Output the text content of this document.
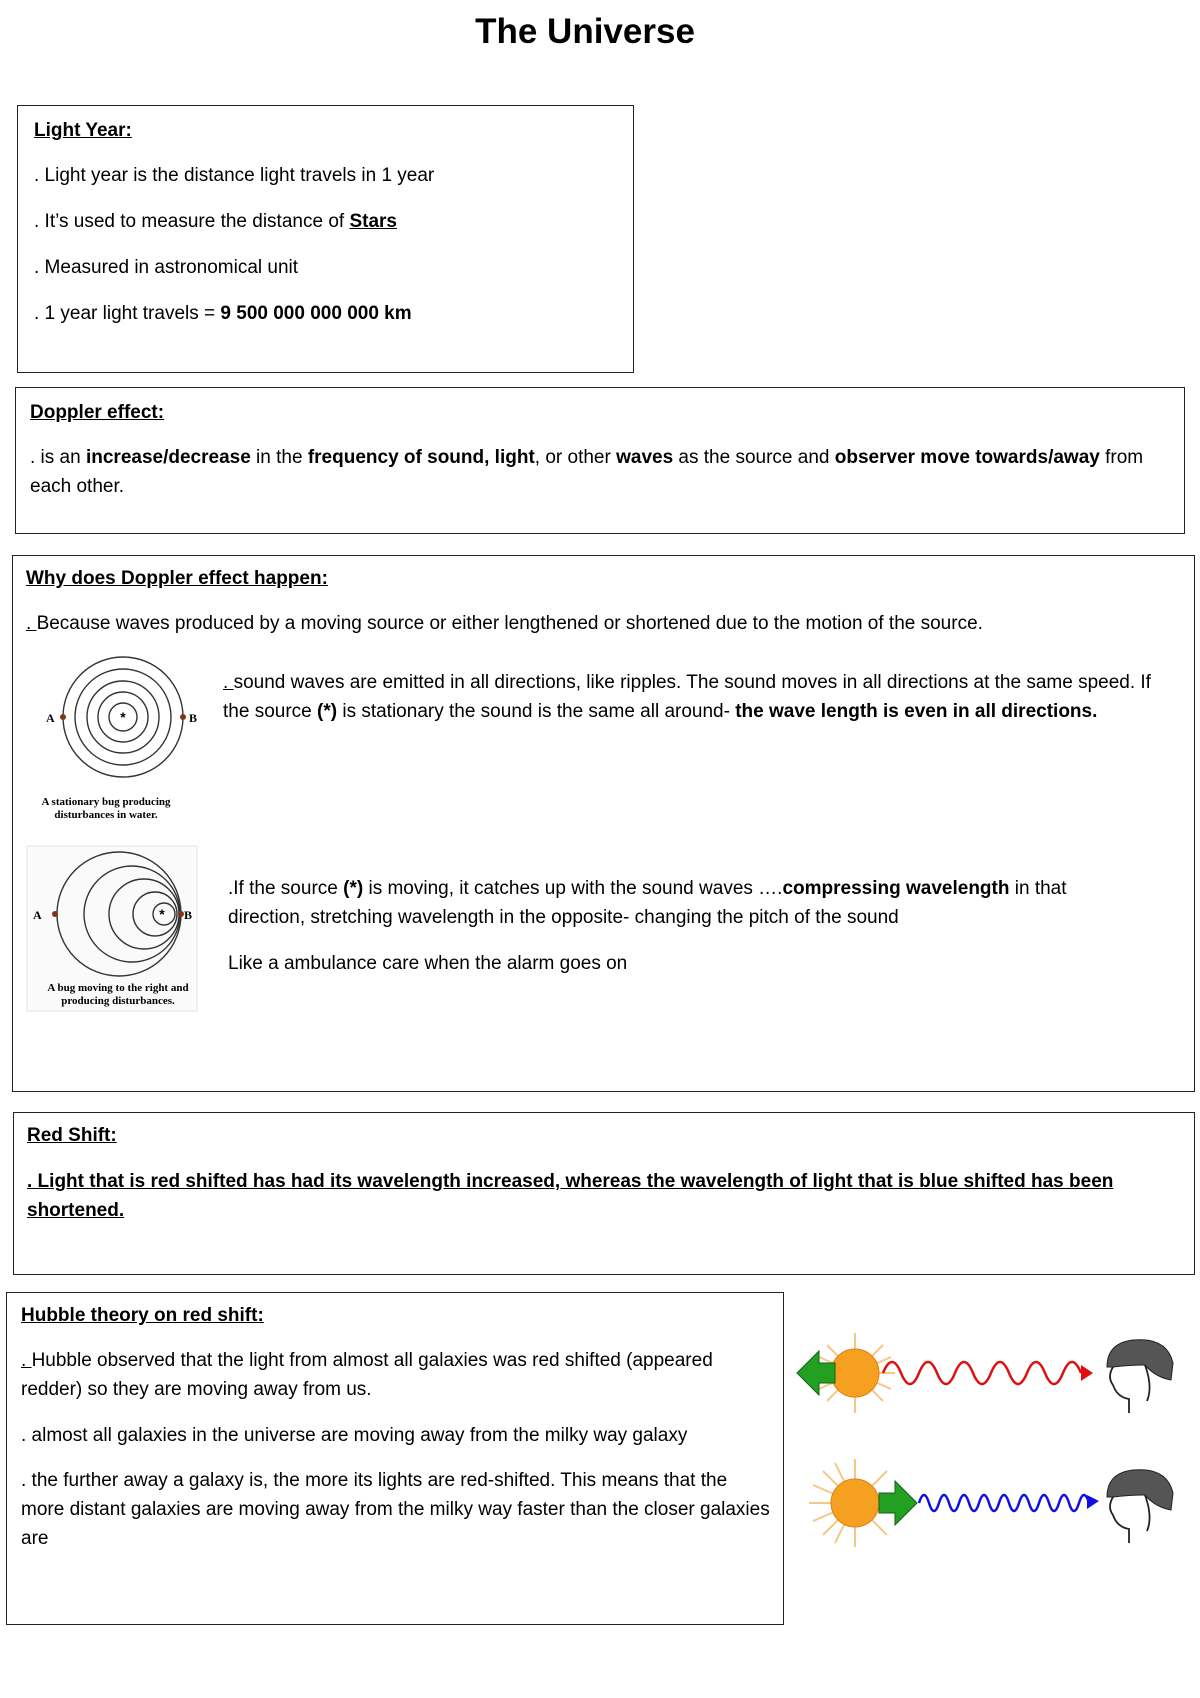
The Universe

Light Year:

. Light year is the distance light travels in 1 year

. It’s used to measure the distance of Stars

. Measured in astronomical unit

. 1 year light travels = 9 500 000 000 000 km

Doppler effect:

. is an increase/decrease in the frequency of sound, light, or other waves as the source and observer move towards/away from each other.

Why does Doppler effect happen:

. Because waves produced by a moving source or either lengthened or shortened due to the motion of the source.

*
A	B
A stationary bug producing disturbances in water.

. sound waves are emitted in all directions, like ripples. The sound moves in all directions at the same speed. If the source (*) is stationary the sound is the same all around- the wave length is even in all directions.

*
A	B
A bug moving to the right and producing disturbances.

.If the source (*) is moving, it catches up with the sound waves ….compressing wavelength in that direction, stretching wavelength in the opposite- changing the pitch of the sound

Like a ambulance care when the alarm goes on

Red Shift:

. Light that is red shifted has had its wavelength increased, whereas the wavelength of light that is blue shifted has been shortened.

Hubble theory on red shift:

. Hubble observed that the light from almost all galaxies was red shifted (appeared redder) so they are moving away from us.

. almost all galaxies in the universe are moving away from the milky way galaxy

. the further away a galaxy is, the more its lights are red-shifted. This means that the more distant galaxies are moving away from the milky way faster than the closer galaxies are
